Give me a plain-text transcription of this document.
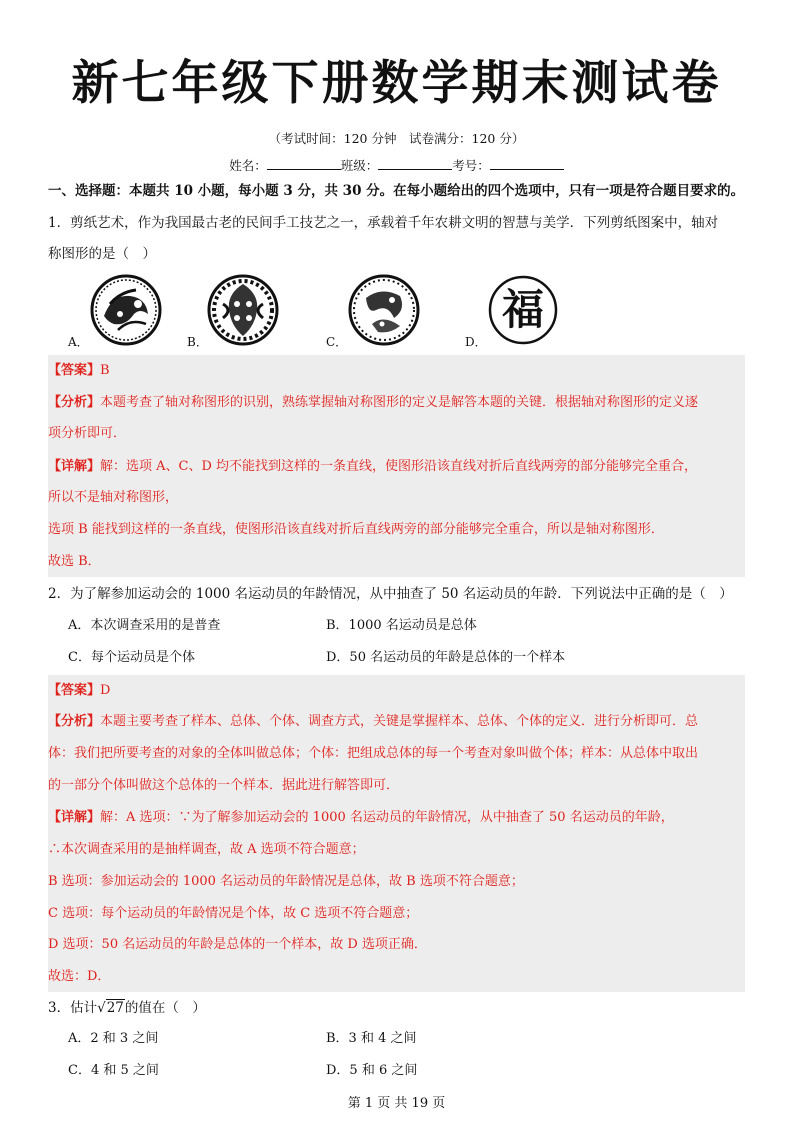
新七年级下册数学期末测试卷
（考试时间：120 分钟　试卷满分：120 分）
姓名：	班级：	考号：
一、选择题：本题共 10 小题，每小题 3 分，共 30 分。在每小题给出的四个选项中，只有一项是符合题目要求的。
1．剪纸艺术，作为我国最古老的民间手工技艺之一，承载着千年农耕文明的智慧与美学．下列剪纸图案中，轴对
称图形的是（　）
福
A．	B．	C．	D．
【答案】B
【分析】本题考查了轴对称图形的识别，熟练掌握轴对称图形的定义是解答本题的关键．根据轴对称图形的定义逐
项分析即可．
【详解】解：选项 A、C、D 均不能找到这样的一条直线，使图形沿该直线对折后直线两旁的部分能够完全重合，
所以不是轴对称图形，
选项 B 能找到这样的一条直线，使图形沿该直线对折后直线两旁的部分能够完全重合，所以是轴对称图形．
故选 B．
2．为了解参加运动会的 1000 名运动员的年龄情况，从中抽查了 50 名运动员的年龄．下列说法中正确的是（　）
A．本次调查采用的是普查	B．1000 名运动员是总体
C．每个运动员是个体	D．50 名运动员的年龄是总体的一个样本
【答案】D
【分析】本题主要考查了样本、总体、个体、调查方式，关键是掌握样本、总体、个体的定义．进行分析即可．总
体：我们把所要考查的对象的全体叫做总体；个体：把组成总体的每一个考查对象叫做个体；样本：从总体中取出
的一部分个体叫做这个总体的一个样本．据此进行解答即可．
【详解】解：A 选项：∵为了解参加运动会的 1000 名运动员的年龄情况，从中抽查了 50 名运动员的年龄，
∴本次调查采用的是抽样调查，故 A 选项不符合题意；
B 选项：参加运动会的 1000 名运动员的年龄情况是总体，故 B 选项不符合题意；
C 选项：每个运动员的年龄情况是个体，故 C 选项不符合题意；
D 选项：50 名运动员的年龄是总体的一个样本，故 D 选项正确．
故选：D．
3．估计√27的值在（　）
A．2 和 3 之间	B．3 和 4 之间
C．4 和 5 之间	D．5 和 6 之间
第 1 页 共 19 页
